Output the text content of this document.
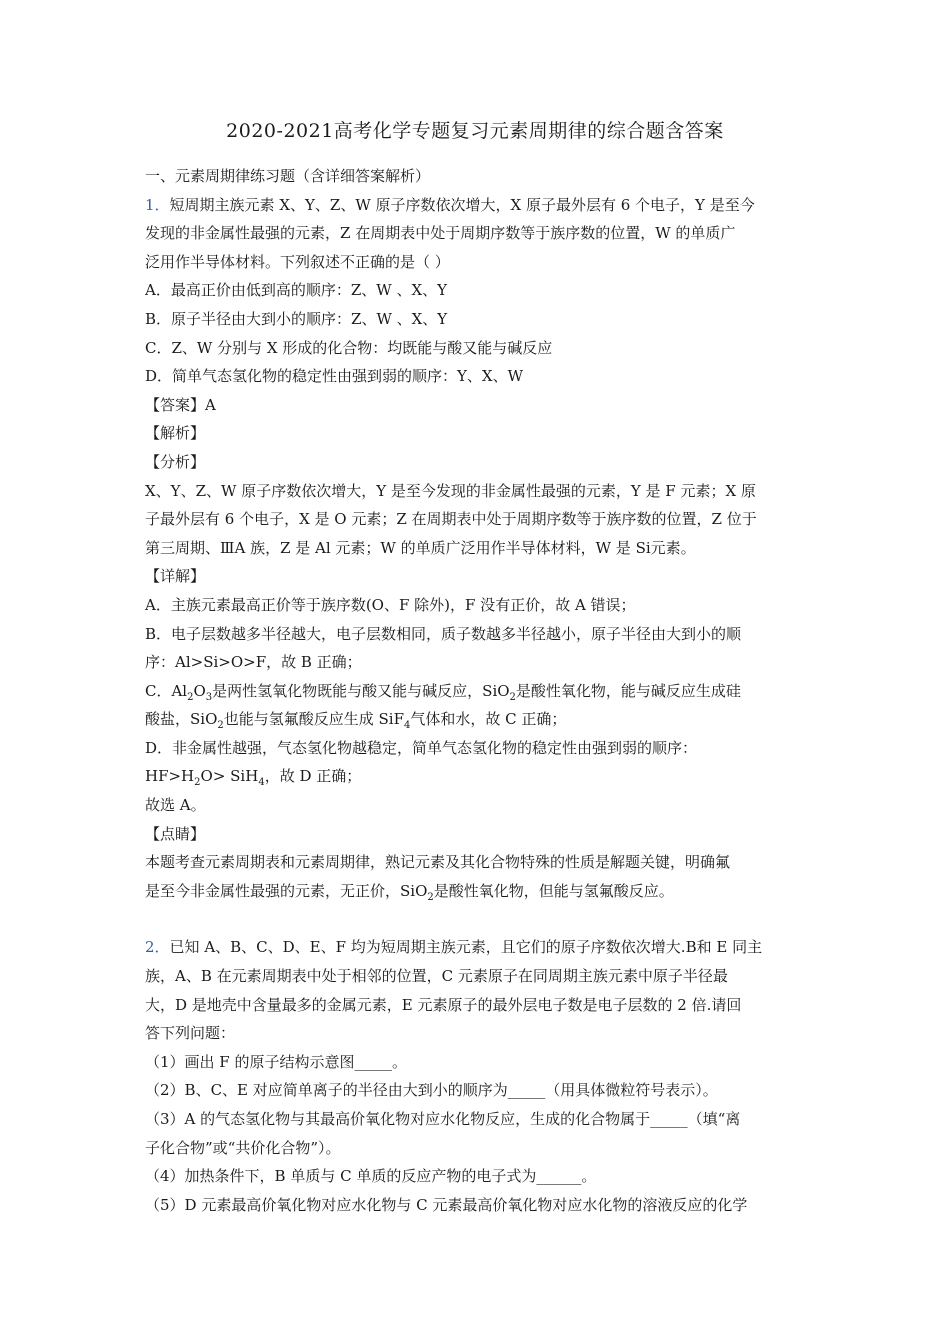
2020-2021高考化学专题复习元素周期律的综合题含答案

一、元素周期律练习题（含详细答案解析）

1．短周期主族元素 X、Y、Z、W 原子序数依次增大，X 原子最外层有 6 个电子，Y 是至今

发现的非金属性最强的元素，Z 在周期表中处于周期序数等于族序数的位置，W 的单质广

泛用作半导体材料。下列叙述不正确的是（ ）

A．最高正价由低到高的顺序：Z、W 、X、Y

B．原子半径由大到小的顺序：Z、W 、X、Y

C．Z、W 分别与 X 形成的化合物：均既能与酸又能与碱反应

D．简单气态氢化物的稳定性由强到弱的顺序：Y、X、W

【答案】A

【解析】

【分析】

X、Y、Z、W 原子序数依次增大，Y 是至今发现的非金属性最强的元素，Y 是 F 元素；X 原

子最外层有 6 个电子，X 是 O 元素；Z 在周期表中处于周期序数等于族序数的位置，Z 位于

第三周期、ⅢA 族，Z 是 Al 元素；W 的单质广泛用作半导体材料，W 是 Si元素。

【详解】

A．主族元素最高正价等于族序数(O、F 除外)，F 没有正价，故 A 错误；

B．电子层数越多半径越大，电子层数相同，质子数越多半径越小，原子半径由大到小的顺

序：Al>Si>O>F，故 B 正确；

C．$Al_2O_3$是两性氢氧化物既能与酸又能与碱反应，SiO$_2$是酸性氧化物，能与碱反应生成硅

酸盐，SiO$_2$也能与氢氟酸反应生成 SiF$_4$气体和水，故 C 正确；

D．非金属性越强，气态氢化物越稳定，简单气态氢化物的稳定性由强到弱的顺序：

$HF>H_2O> SiH_4$，故 D 正确；

故选 A。

【点睛】

本题考查元素周期表和元素周期律，熟记元素及其化合物特殊的性质是解题关键，明确氟

是至今非金属性最强的元素，无正价，SiO$_2$是酸性氧化物，但能与氢氟酸反应。

2．已知 A、B、C、D、E、F 均为短周期主族元素，且它们的原子序数依次增大.B和 E 同主

族，A、B 在元素周期表中处于相邻的位置，C 元素原子在同周期主族元素中原子半径最

大，D 是地壳中含量最多的金属元素，E 元素原子的最外层电子数是电子层数的 2 倍.请回

答下列问题：

（1）画出 F 的原子结构示意图_____。

（2）B、C、E 对应简单离子的半径由大到小的顺序为_____（用具体微粒符号表示）。

（3）A 的气态氢化物与其最高价氧化物对应水化物反应，生成的化合物属于_____（填“离

子化合物”或“共价化合物”）。

（4）加热条件下，B 单质与 C 单质的反应产物的电子式为______。

（5）D 元素最高价氧化物对应水化物与 C 元素最高价氧化物对应水化物的溶液反应的化学
